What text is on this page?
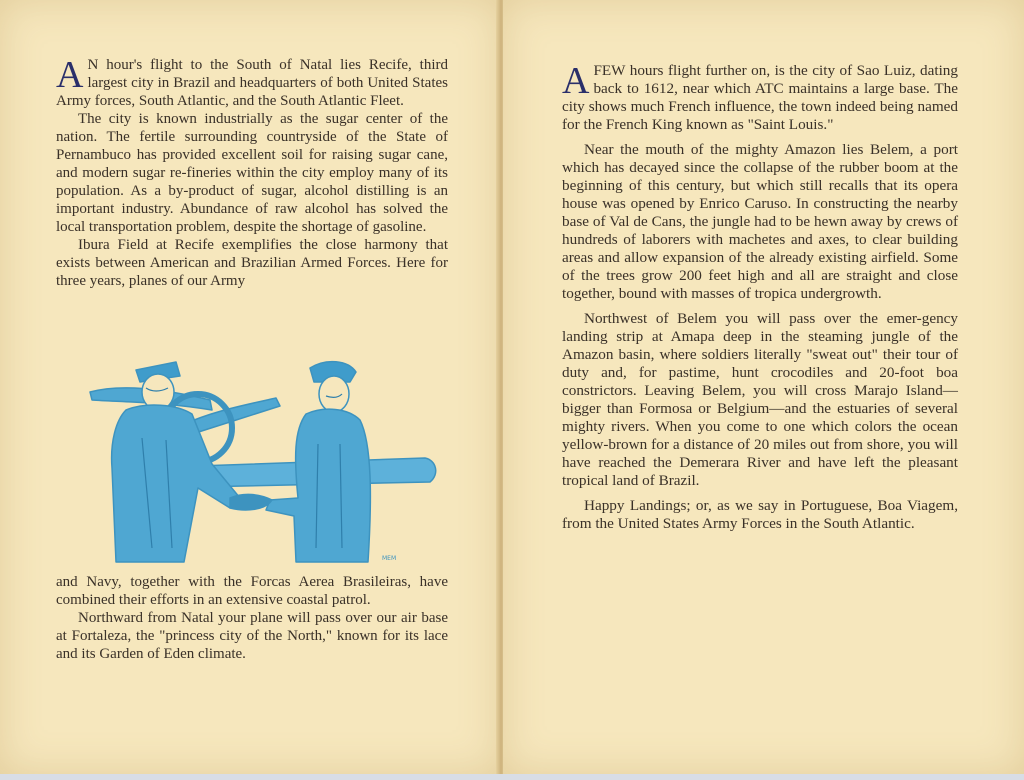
A N hour's flight to the South of Natal lies Recife, third largest city in Brazil and headquarters of both United States Army forces, South Atlantic, and the South Atlantic Fleet.

The city is known industrially as the sugar center of the nation. The fertile surrounding countryside of the State of Pernambuco has provided excellent soil for raising sugar cane, and modern sugar re-fineries within the city employ many of its population. As a by-product of sugar, alcohol distilling is an important industry. Abundance of raw alcohol has solved the local transportation problem, despite the shortage of gasoline.

Ibura Field at Recife exemplifies the close harmony that exists between American and Brazilian Armed Forces. Here for three years, planes of our Army

MEM

and Navy, together with the Forcas Aerea Brasileiras, have combined their efforts in an extensive coastal patrol.

Northward from Natal your plane will pass over our air base at Fortaleza, the "princess city of the North," known for its lace and its Garden of Eden climate.

AFEW hours flight further on, is the city of Sao Luiz, dating back to 1612, near which ATC maintains a large base. The city shows much French influence, the town indeed being named for the French King known as "Saint Louis."

Near the mouth of the mighty Amazon lies Belem, a port which has decayed since the collapse of the rubber boom at the beginning of this century, but which still recalls that its opera house was opened by Enrico Caruso. In constructing the nearby base of Val de Cans, the jungle had to be hewn away by crews of hundreds of laborers with machetes and axes, to clear building areas and allow expansion of the already existing airfield. Some of the trees grow 200 feet high and all are straight and close together, bound with masses of tropica undergrowth.

Northwest of Belem you will pass over the emer-gency landing strip at Amapa deep in the steaming jungle of the Amazon basin, where soldiers literally "sweat out" their tour of duty and, for pastime, hunt crocodiles and 20-foot boa constrictors. Leaving Belem, you will cross Marajo Island—bigger than Formosa or Belgium—and the estuaries of several mighty rivers. When you come to one which colors the ocean yellow-brown for a distance of 20 miles out from shore, you will have reached the Demerara River and have left the pleasant tropical land of Brazil.

Happy Landings; or, as we say in Portuguese, Boa Viagem, from the United States Army Forces in the South Atlantic.
